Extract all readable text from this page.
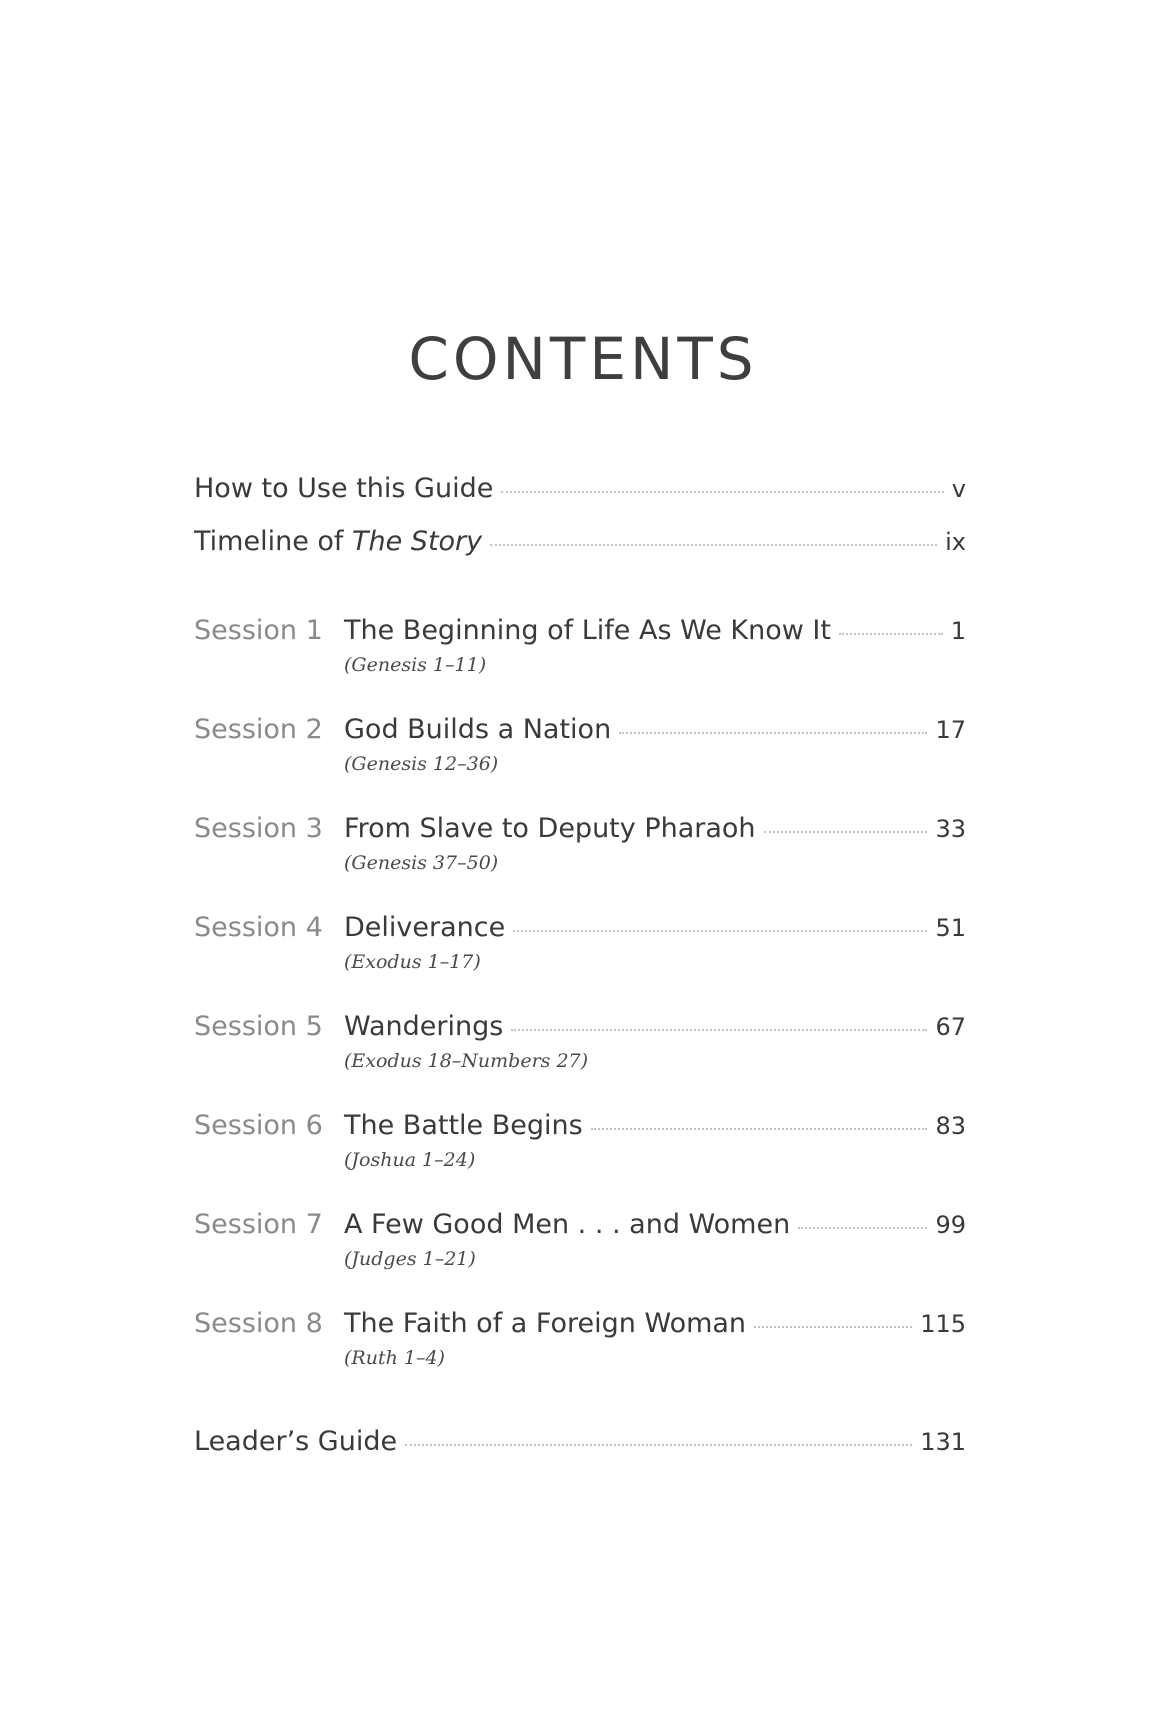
CONTENTS
How to Use this Guide	v
Timeline of The Story	ix
Session 1 The Beginning of Life As We Know It	1
(Genesis 1–11)
Session 2 God Builds a Nation	17
(Genesis 12–36)
Session 3 From Slave to Deputy Pharaoh	33
(Genesis 37–50)
Session 4 Deliverance	51
(Exodus 1–17)
Session 5 Wanderings	67
(Exodus 18–Numbers 27)
Session 6 The Battle Begins	83
(Joshua 1–24)
Session 7 A Few Good Men . . . and Women	99
(Judges 1–21)
Session 8 The Faith of a Foreign Woman	115
(Ruth 1–4)
Leader’s Guide	131
